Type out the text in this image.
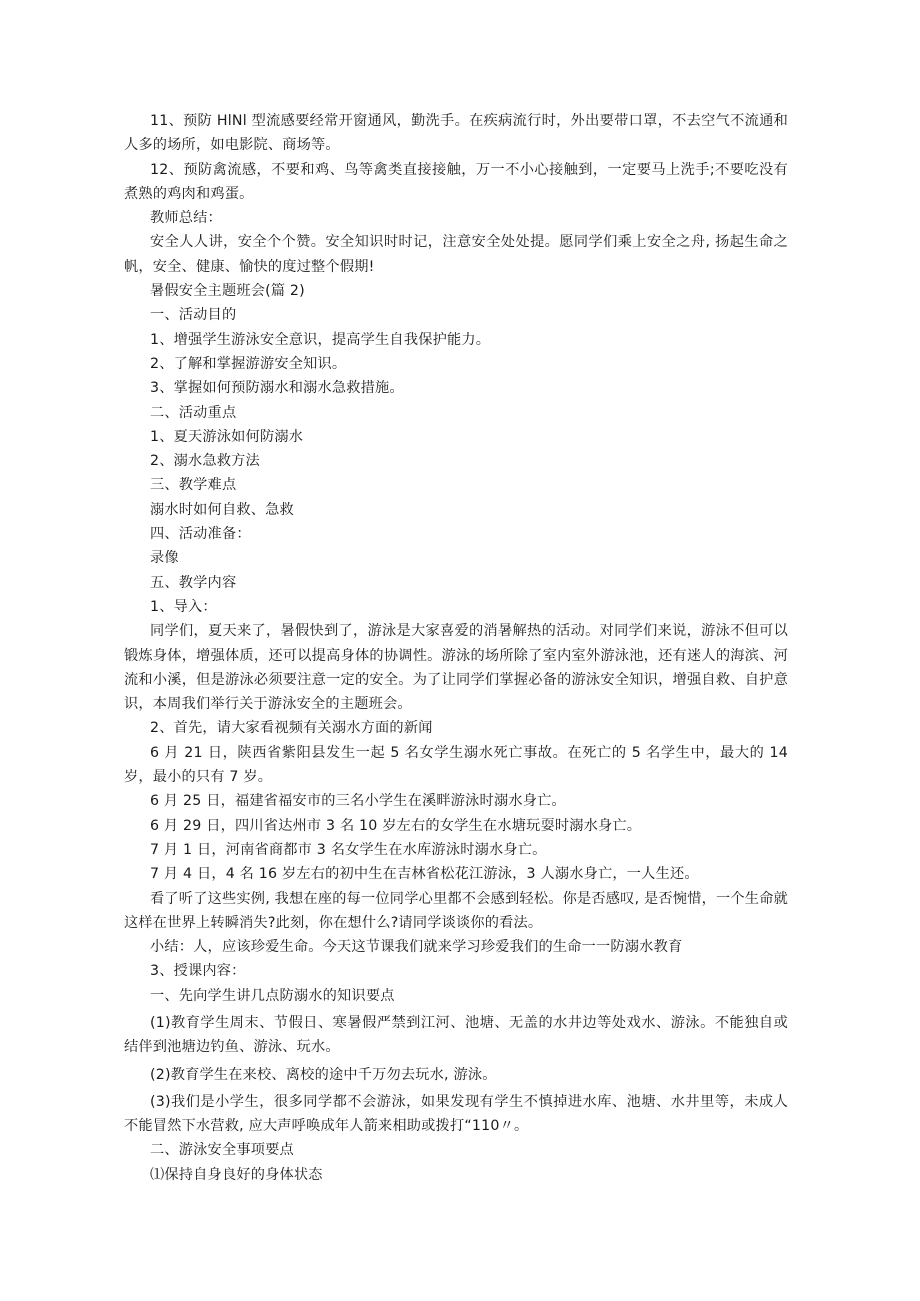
11、预防 HlNl 型流感要经常开窗通风，勤洗手。在疾病流行时，外出要带口罩，不去空气不流通和人多的场所，如电影院、商场等。

12、预防禽流感，不要和鸡、鸟等禽类直接接触，万一不小心接触到，一定要马上洗手;不要吃没有煮熟的鸡肉和鸡蛋。

教师总结：

安全人人讲，安全个个赞。安全知识时时记，注意安全处处提。愿同学们乘上安全之舟, 扬起生命之帆，安全、健康、愉快的度过整个假期!

暑假安全主题班会(篇 2)

一、活动目的

1、增强学生游泳安全意识，提高学生自我保护能力。

2、了解和掌握游游安全知识。

3、掌握如何预防溺水和溺水急救措施。

二、活动重点

1、夏天游泳如何防溺水

2、溺水急救方法

三、教学难点

溺水时如何自救、急救

四、活动准备：

录像

五、教学内容

1、导入：

同学们，夏天来了，暑假快到了，游泳是大家喜爱的消暑解热的活动。对同学们来说，游泳不但可以锻炼身体，增强体质，还可以提高身体的协调性。游泳的场所除了室内室外游泳池，还有迷人的海滨、河流和小溪，但是游泳必须要注意一定的安全。为了让同学们掌握必备的游泳安全知识，增强自救、自护意识，本周我们举行关于游泳安全的主题班会。

2、首先，请大家看视频有关溺水方面的新闻

6 月 21 日，陕西省紫阳县发生一起 5 名女学生溺水死亡事故。在死亡的 5 名学生中，最大的 14 岁，最小的只有 7 岁。

6 月 25 日，福建省福安市的三名小学生在溪畔游泳时溺水身亡。

6 月 29 日，四川省达州市 3 名 10 岁左右的女学生在水塘玩耍时溺水身亡。

7 月 1 日，河南省商都市 3 名女学生在水库游泳时溺水身亡。

7 月 4 日，4 名 16 岁左右的初中生在吉林省松花江游泳，3 人溺水身亡，一人生还。

看了听了这些实例, 我想在座的每一位同学心里都不会感到轻松。你是否感叹, 是否惋惜，一个生命就这样在世界上转瞬消失?此刻，你在想什么?请同学谈谈你的看法。

小结：人，应该珍爱生命。今天这节课我们就来学习珍爱我们的生命一一防溺水教育

3、授课内容：

一、先向学生讲几点防溺水的知识要点

(1)教育学生周末、节假日、寒暑假严禁到江河、池塘、无盖的水井边等处戏水、游泳。不能独自或结伴到池塘边钓鱼、游泳、玩水。

(2)教育学生在来校、离校的途中千万勿去玩水, 游泳。

(3)我们是小学生，很多同学都不会游泳，如果发现有学生不慎掉进水库、池塘、水井里等，未成人不能冒然下水营救, 应大声呼唤成年人箭来相助或拨打“110〃。

二、游泳安全事项要点

⑴保持自身良好的身体状态
